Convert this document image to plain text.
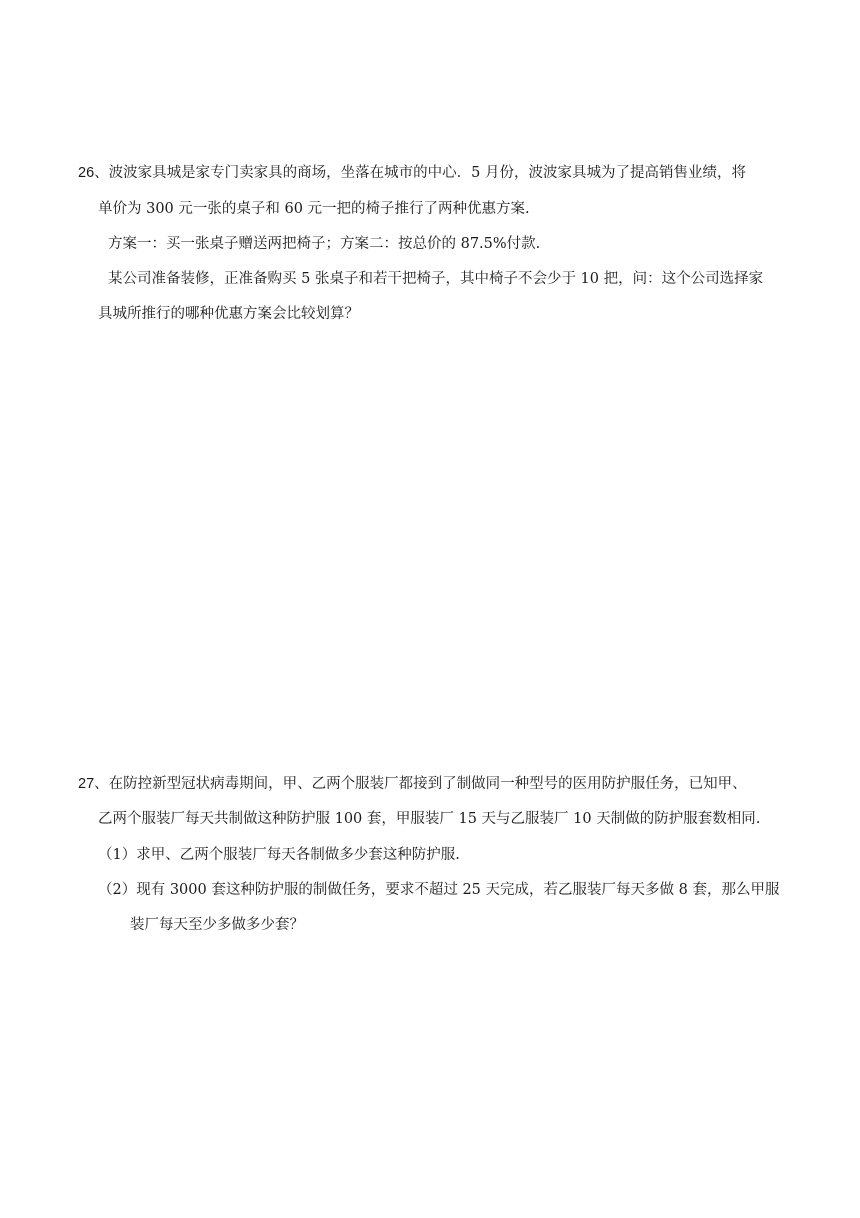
26、波波家具城是家专门卖家具的商场，坐落在城市的中心．5 月份，波波家具城为了提高销售业绩，将
单价为 300 元一张的桌子和 60 元一把的椅子推行了两种优惠方案.
方案一：买一张桌子赠送两把椅子；方案二：按总价的 87.5%付款.
某公司准备装修，正准备购买 5 张桌子和若干把椅子，其中椅子不会少于 10 把，问：这个公司选择家
具城所推行的哪种优惠方案会比较划算？
27、在防控新型冠状病毒期间，甲、乙两个服装厂都接到了制做同一种型号的医用防护服任务，已知甲、
乙两个服装厂每天共制做这种防护服 100 套，甲服装厂 15 天与乙服装厂 10 天制做的防护服套数相同.
（1）求甲、乙两个服装厂每天各制做多少套这种防护服.
（2）现有 3000 套这种防护服的制做任务，要求不超过 25 天完成，若乙服装厂每天多做 8 套，那么甲服
装厂每天至少多做多少套？
